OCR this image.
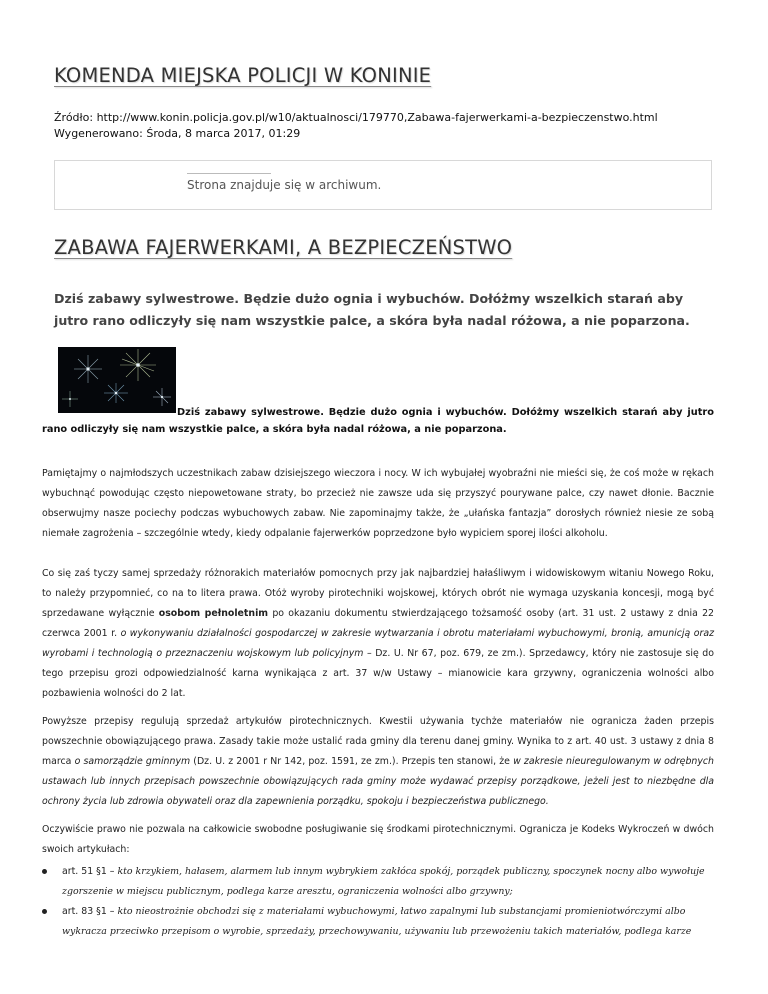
KOMENDA MIEJSKA POLICJI W KONINIE
Źródło: http://www.konin.policja.gov.pl/w10/aktualnosci/179770,Zabawa-fajerwerkami-a-bezpieczenstwo.html
Wygenerowano: Środa, 8 marca 2017, 01:29
Strona znajduje się w archiwum.
ZABAWA FAJERWERKAMI, A BEZPIECZEŃSTWO

Dziś zabawy sylwestrowe. Będzie dużo ognia i wybuchów. Dołóżmy wszelkich starań aby jutro rano odliczyły się nam wszystkie palce, a skóra była nadal różowa, a nie poparzona.

Dziś zabawy sylwestrowe. Będzie dużo ognia i wybuchów. Dołóżmy wszelkich starań aby jutro rano odliczyły się nam wszystkie palce, a skóra była nadal różowa, a nie poparzona.

Pamiętajmy o najmłodszych uczestnikach zabaw dzisiejszego wieczora i nocy. W ich wybujałej wyobraźni nie mieści się, że coś może w rękach wybuchnąć powodując często niepowetowane straty, bo przecież nie zawsze uda się przyszyć pourywane palce, czy nawet dłonie. Bacznie obserwujmy nasze pociechy podczas wybuchowych zabaw. Nie zapominajmy także, że „ułańska fantazja” dorosłych również niesie ze sobą niemałe zagrożenia – szczególnie wtedy, kiedy odpalanie fajerwerków poprzedzone było wypiciem sporej ilości alkoholu.

Co się zaś tyczy samej sprzedaży różnorakich materiałów pomocnych przy jak najbardziej hałaśliwym i widowiskowym witaniu Nowego Roku, to należy przypomnieć, co na to litera prawa. Otóż wyroby pirotechniki wojskowej, których obrót nie wymaga uzyskania koncesji, mogą być sprzedawane wyłącznie osobom pełnoletnim po okazaniu dokumentu stwierdzającego tożsamość osoby (art. 31 ust. 2 ustawy z dnia 22 czerwca 2001 r. o wykonywaniu działalności gospodarczej w zakresie wytwarzania i obrotu materiałami wybuchowymi, bronią, amunicją oraz wyrobami i technologią o przeznaczeniu wojskowym lub policyjnym – Dz. U. Nr 67, poz. 679, ze zm.). Sprzedawcy, który nie zastosuje się do tego przepisu grozi odpowiedzialność karna wynikająca z art. 37 w/w Ustawy – mianowicie kara grzywny, ograniczenia wolności albo pozbawienia wolności do 2 lat.

Powyższe przepisy regulują sprzedaż artykułów pirotechnicznych. Kwestii używania tychże materiałów nie ogranicza żaden przepis powszechnie obowiązującego prawa. Zasady takie może ustalić rada gminy dla terenu danej gminy. Wynika to z art. 40 ust. 3 ustawy z dnia 8 marca o samorządzie gminnym (Dz. U. z 2001 r Nr 142, poz. 1591, ze zm.). Przepis ten stanowi, że w zakresie nieuregulowanym w odrębnych ustawach lub innych przepisach powszechnie obowiązujących rada gminy może wydawać przepisy porządkowe, jeżeli jest to niezbędne dla ochrony życia lub zdrowia obywateli oraz dla zapewnienia porządku, spokoju i bezpieczeństwa publicznego.

Oczywiście prawo nie pozwala na całkowicie swobodne posługiwanie się środkami pirotechnicznymi. Ogranicza je Kodeks Wykroczeń w dwóch swoich artykułach:

art. 51 §1 – kto krzykiem, hałasem, alarmem lub innym wybrykiem zakłóca spokój, porządek publiczny, spoczynek nocny albo wywołuje zgorszenie w miejscu publicznym, podlega karze aresztu, ograniczenia wolności albo grzywny;
art. 83 §1 – kto nieostrożnie obchodzi się z materiałami wybuchowymi, łatwo zapalnymi lub substancjami promieniotwórczymi albo wykracza przeciwko przepisom o wyrobie, sprzedaży, przechowywaniu, używaniu lub przewożeniu takich materiałów, podlega karze
